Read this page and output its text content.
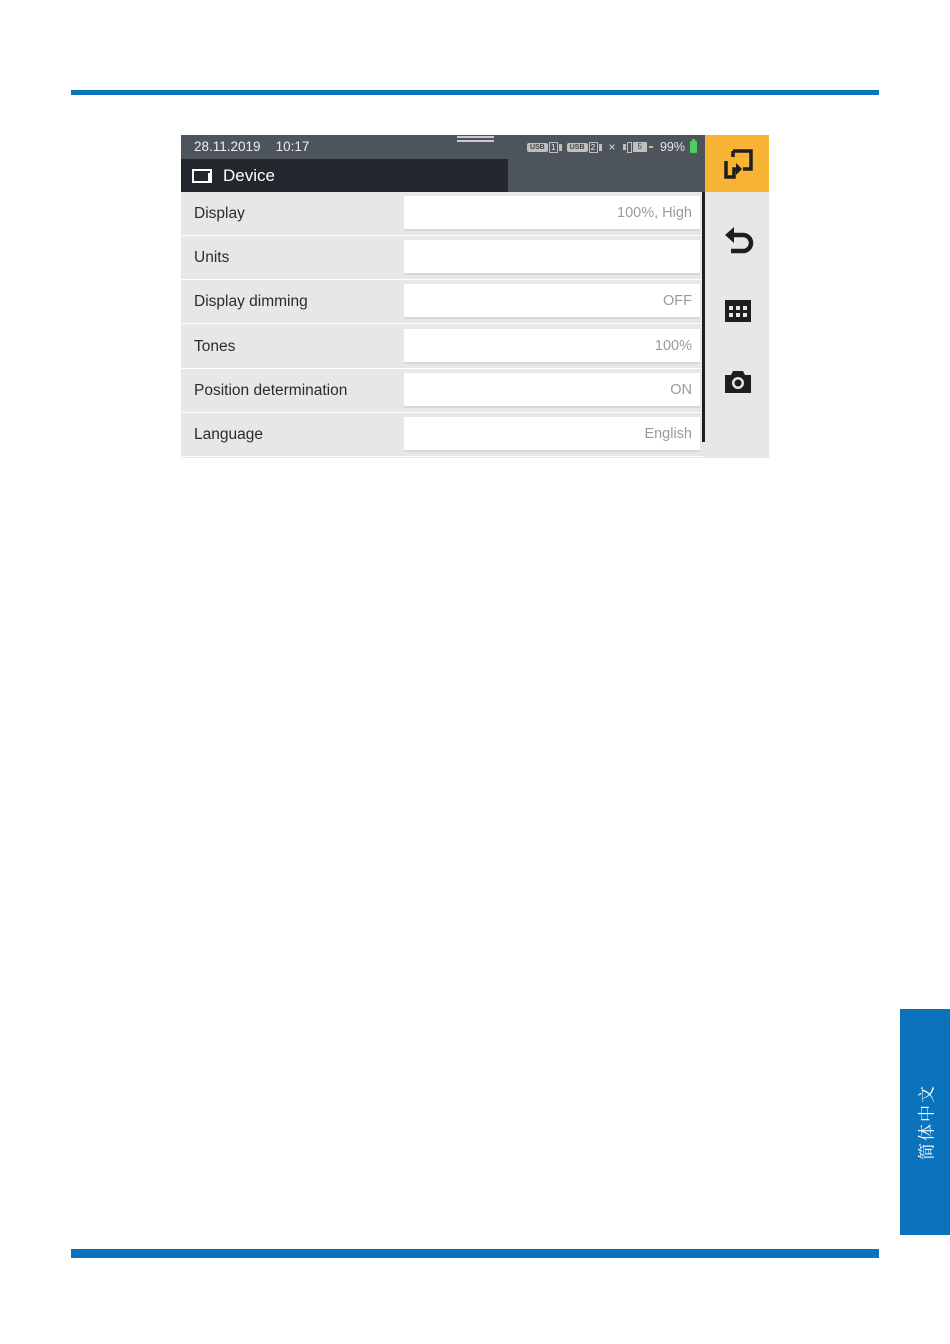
28.11.2019 10:17	USB 1	USB 2 ×	5	99%
Device
Display	100%, High
Units
Display dimming	OFF
Tones	100%
Position determination	ON
Language	English
简体中文
